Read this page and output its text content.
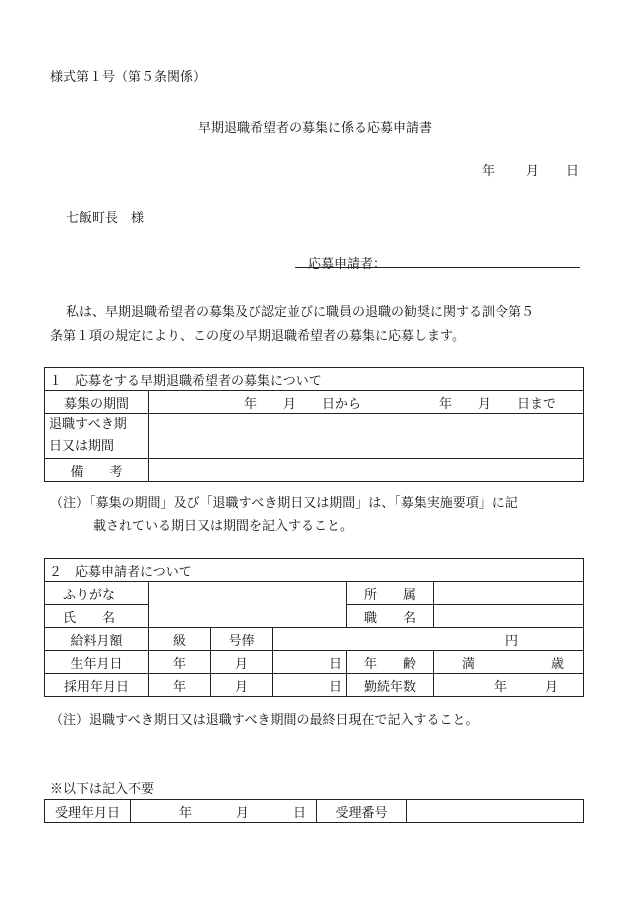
様式第１号（第５条関係）
早期退職希望者の募集に係る応募申請書
年 月 日
七飯町長　様
応募申請者：
私は、早期退職希望者の募集及び認定並びに職員の退職の勧奨に関する訓令第５
条第１項の規定により、この度の早期退職希望者の募集に応募します。
１　応募をする早期退職希望者の募集について	
募集の期間	年　　月　　日から　　　　　　年　　月　　日まで
退職すべき期
日又は期間	
備　　考	
（注）「募集の期間」及び「退職すべき期日又は期間」は、「募集実施要項」に記
載されている期日又は期間を記入すること。
２　応募申請者について					
ふりがな				所　　属	
氏　　名				職　　名	
給料月額	級	号俸	円		
生年月日	年	月	日	年　　齢	満 歳
採用年月日	年	月	日	勤続年数	年 月
（注）退職すべき期日又は退職すべき期間の最終日現在で記入すること。
※以下は記入不要
受理年月日	年	月	日	受理番号	
